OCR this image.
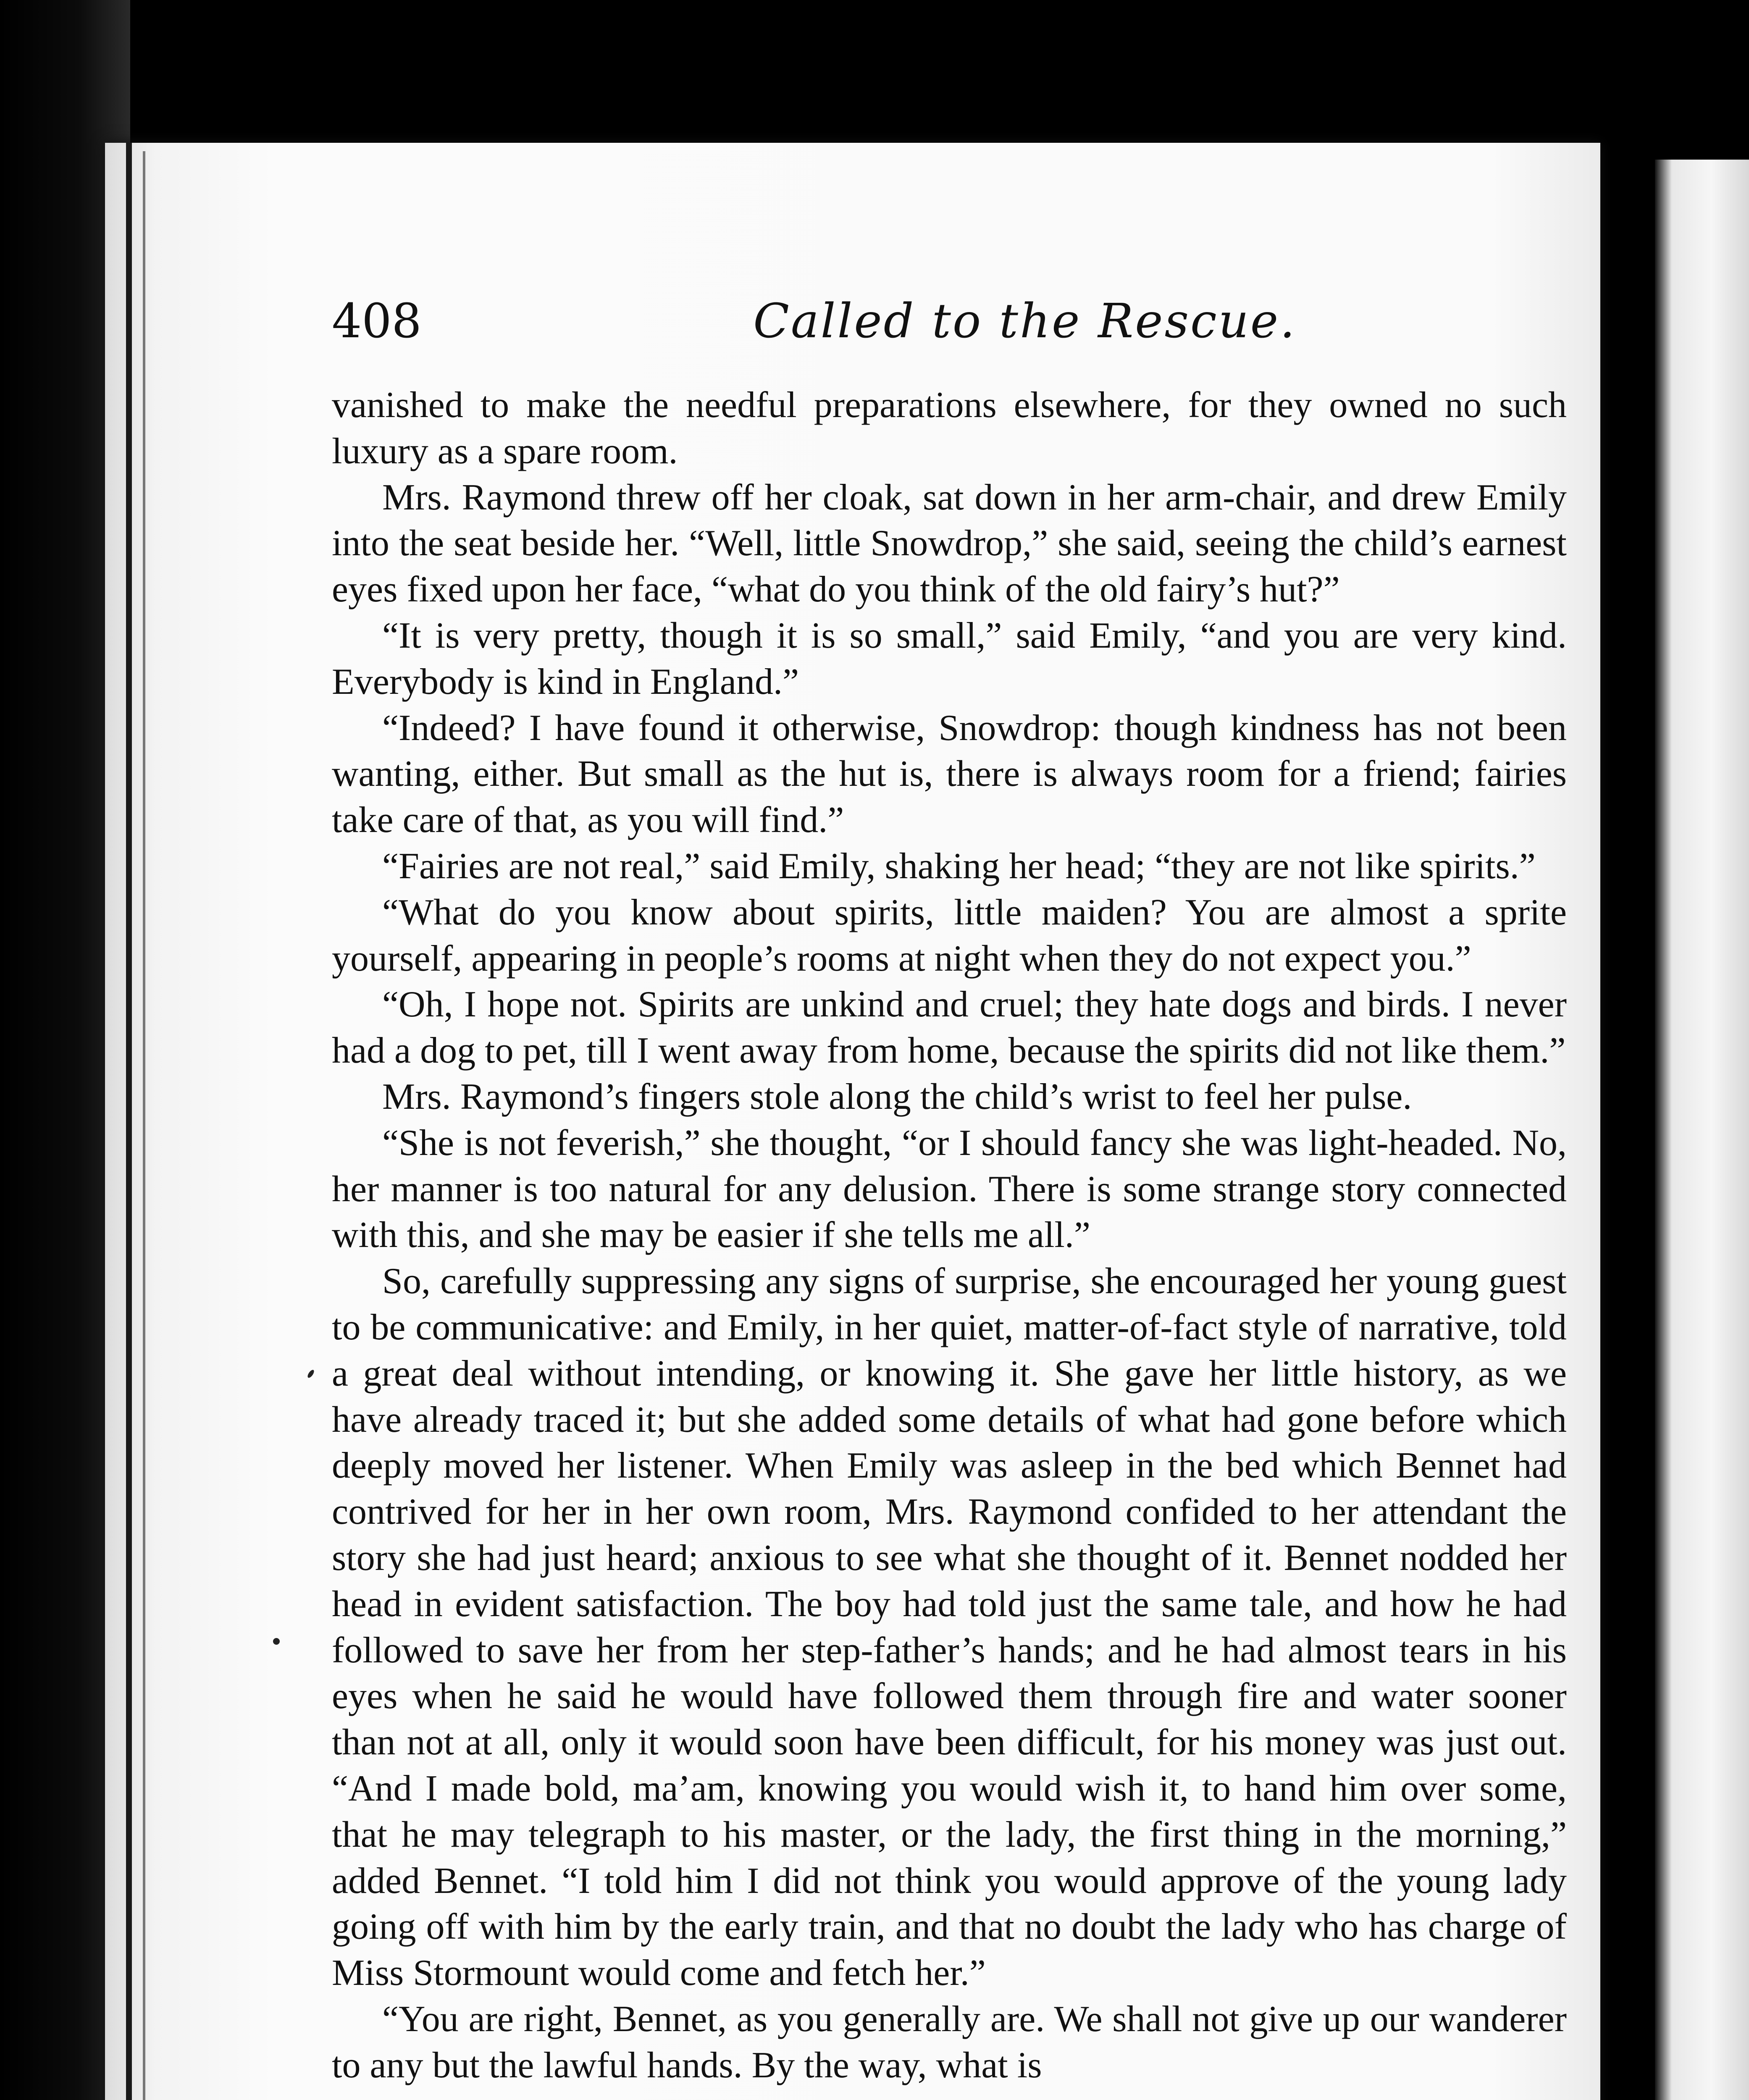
408	Called to the Rescue.

vanished to make the needful preparations elsewhere, for they owned no such luxury as a spare room.

Mrs. Raymond threw off her cloak, sat down in her arm-chair, and drew Emily into the seat beside her. “Well, little Snowdrop,” she said, seeing the child’s earnest eyes fixed upon her face, “what do you think of the old fairy’s hut?”

“It is very pretty, though it is so small,” said Emily, “and you are very kind. Everybody is kind in England.”

“Indeed? I have found it otherwise, Snowdrop: though kindness has not been wanting, either. But small as the hut is, there is always room for a friend; fairies take care of that, as you will find.”

“Fairies are not real,” said Emily, shaking her head; “they are not like spirits.”

“What do you know about spirits, little maiden? You are almost a sprite yourself, appearing in people’s rooms at night when they do not expect you.”

“Oh, I hope not. Spirits are unkind and cruel; they hate dogs and birds. I never had a dog to pet, till I went away from home, because the spirits did not like them.”

Mrs. Raymond’s fingers stole along the child’s wrist to feel her pulse.

“She is not feverish,” she thought, “or I should fancy she was light-headed. No, her manner is too natural for any delusion. There is some strange story connected with this, and she may be easier if she tells me all.”

So, carefully suppressing any signs of surprise, she encouraged her young guest to be communicative: and Emily, in her quiet, matter-of-fact style of narrative, told a great deal without intending, or knowing it. She gave her little history, as we have already traced it; but she added some details of what had gone before which deeply moved her listener. When Emily was asleep in the bed which Bennet had contrived for her in her own room, Mrs. Raymond confided to her attendant the story she had just heard; anxious to see what she thought of it. Bennet nodded her head in evident satisfaction. The boy had told just the same tale, and how he had followed to save her from her step-father’s hands; and he had almost tears in his eyes when he said he would have followed them through fire and water sooner than not at all, only it would soon have been difficult, for his money was just out. “And I made bold, ma’am, knowing you would wish it, to hand him over some, that he may telegraph to his master, or the lady, the first thing in the morning,” added Bennet. “I told him I did not think you would approve of the young lady going off with him by the early train, and that no doubt the lady who has charge of Miss Stormount would come and fetch her.”

“You are right, Bennet, as you generally are. We shall not give up our wanderer to any but the lawful hands. By the way, what is
